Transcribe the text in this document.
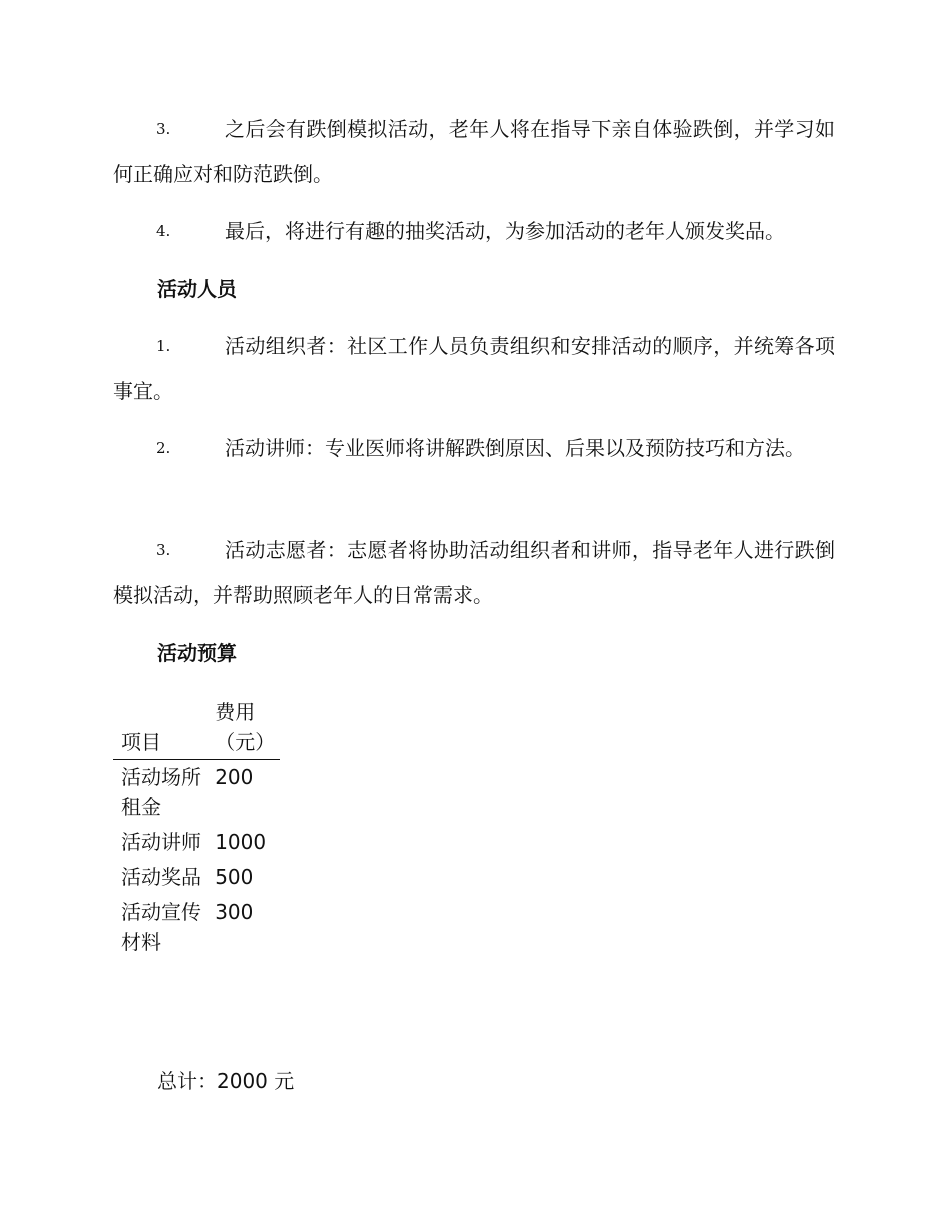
3.	之后会有跌倒模拟活动，老年人将在指导下亲自体验跌倒，并学习如何正确应对和防范跌倒。

4.	最后，将进行有趣的抽奖活动，为参加活动的老年人颁发奖品。

活动人员

1.	活动组织者：社区工作人员负责组织和安排活动的顺序，并统筹各项事宜。

2.	活动讲师：专业医师将讲解跌倒原因、后果以及预防技巧和方法。

3.	活动志愿者：志愿者将协助活动组织者和讲师，指导老年人进行跌倒模拟活动，并帮助照顾老年人的日常需求。

活动预算
项目	费用（元）
活动场所租金	200
活动讲师	1000
活动奖品	500
活动宣传材料	300

总计：2000 元
